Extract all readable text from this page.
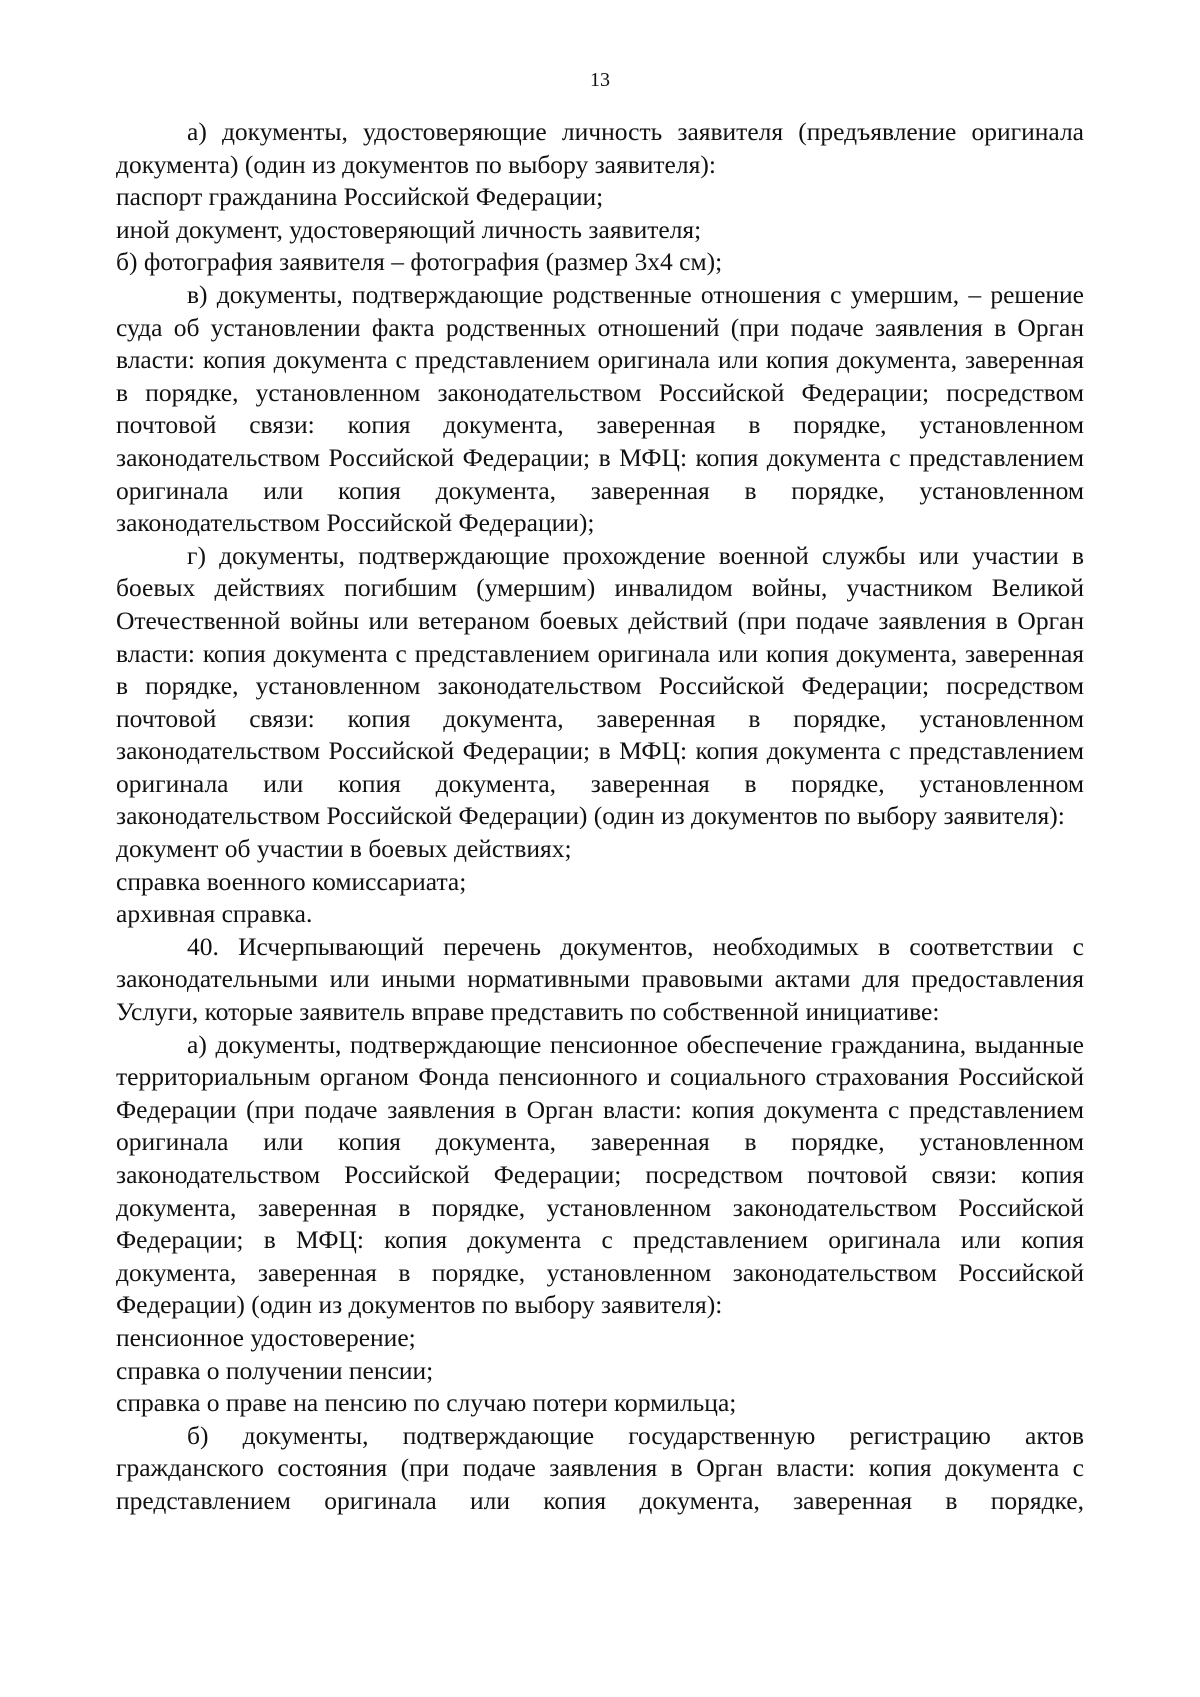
13

а) документы, удостоверяющие личность заявителя (предъявление оригинала документа) (один из документов по выбору заявителя):

паспорт гражданина Российской Федерации;

иной документ, удостоверяющий личность заявителя;

б) фотография заявителя – фотография (размер 3х4 см);

в) документы, подтверждающие родственные отношения с умершим, – решение суда об установлении факта родственных отношений (при подаче заявления в Орган власти: копия документа с представлением оригинала или копия документа, заверенная в порядке, установленном законодательством Российской Федерации; посредством почтовой связи: копия документа, заверенная в порядке, установленном законодательством Российской Федерации; в МФЦ: копия документа с представлением оригинала или копия документа, заверенная в порядке, установленном законодательством Российской Федерации);

г) документы, подтверждающие прохождение военной службы или участии в боевых действиях погибшим (умершим) инвалидом войны, участником Великой Отечественной войны или ветераном боевых действий (при подаче заявления в Орган власти: копия документа с представлением оригинала или копия документа, заверенная в порядке, установленном законодательством Российской Федерации; посредством почтовой связи: копия документа, заверенная в порядке, установленном законодательством Российской Федерации; в МФЦ: копия документа с представлением оригинала или копия документа, заверенная в порядке, установленном законодательством Российской Федерации) (один из документов по выбору заявителя):

документ об участии в боевых действиях;

справка военного комиссариата;

архивная справка.

40. Исчерпывающий перечень документов, необходимых в соответствии с законодательными или иными нормативными правовыми актами для предоставления Услуги, которые заявитель вправе представить по собственной инициативе:

а) документы, подтверждающие пенсионное обеспечение гражданина, выданные территориальным органом Фонда пенсионного и социального страхования Российской Федерации (при подаче заявления в Орган власти: копия документа с представлением оригинала или копия документа, заверенная в порядке, установленном законодательством Российской Федерации; посредством почтовой связи: копия документа, заверенная в порядке, установленном законодательством Российской Федерации; в МФЦ: копия документа с представлением оригинала или копия документа, заверенная в порядке, установленном законодательством Российской Федерации) (один из документов по выбору заявителя):

пенсионное удостоверение;

справка о получении пенсии;

справка о праве на пенсию по случаю потери кормильца;

б) документы, подтверждающие государственную регистрацию актов гражданского состояния (при подаче заявления в Орган власти: копия документа с представлением оригинала или копия документа, заверенная в порядке,
